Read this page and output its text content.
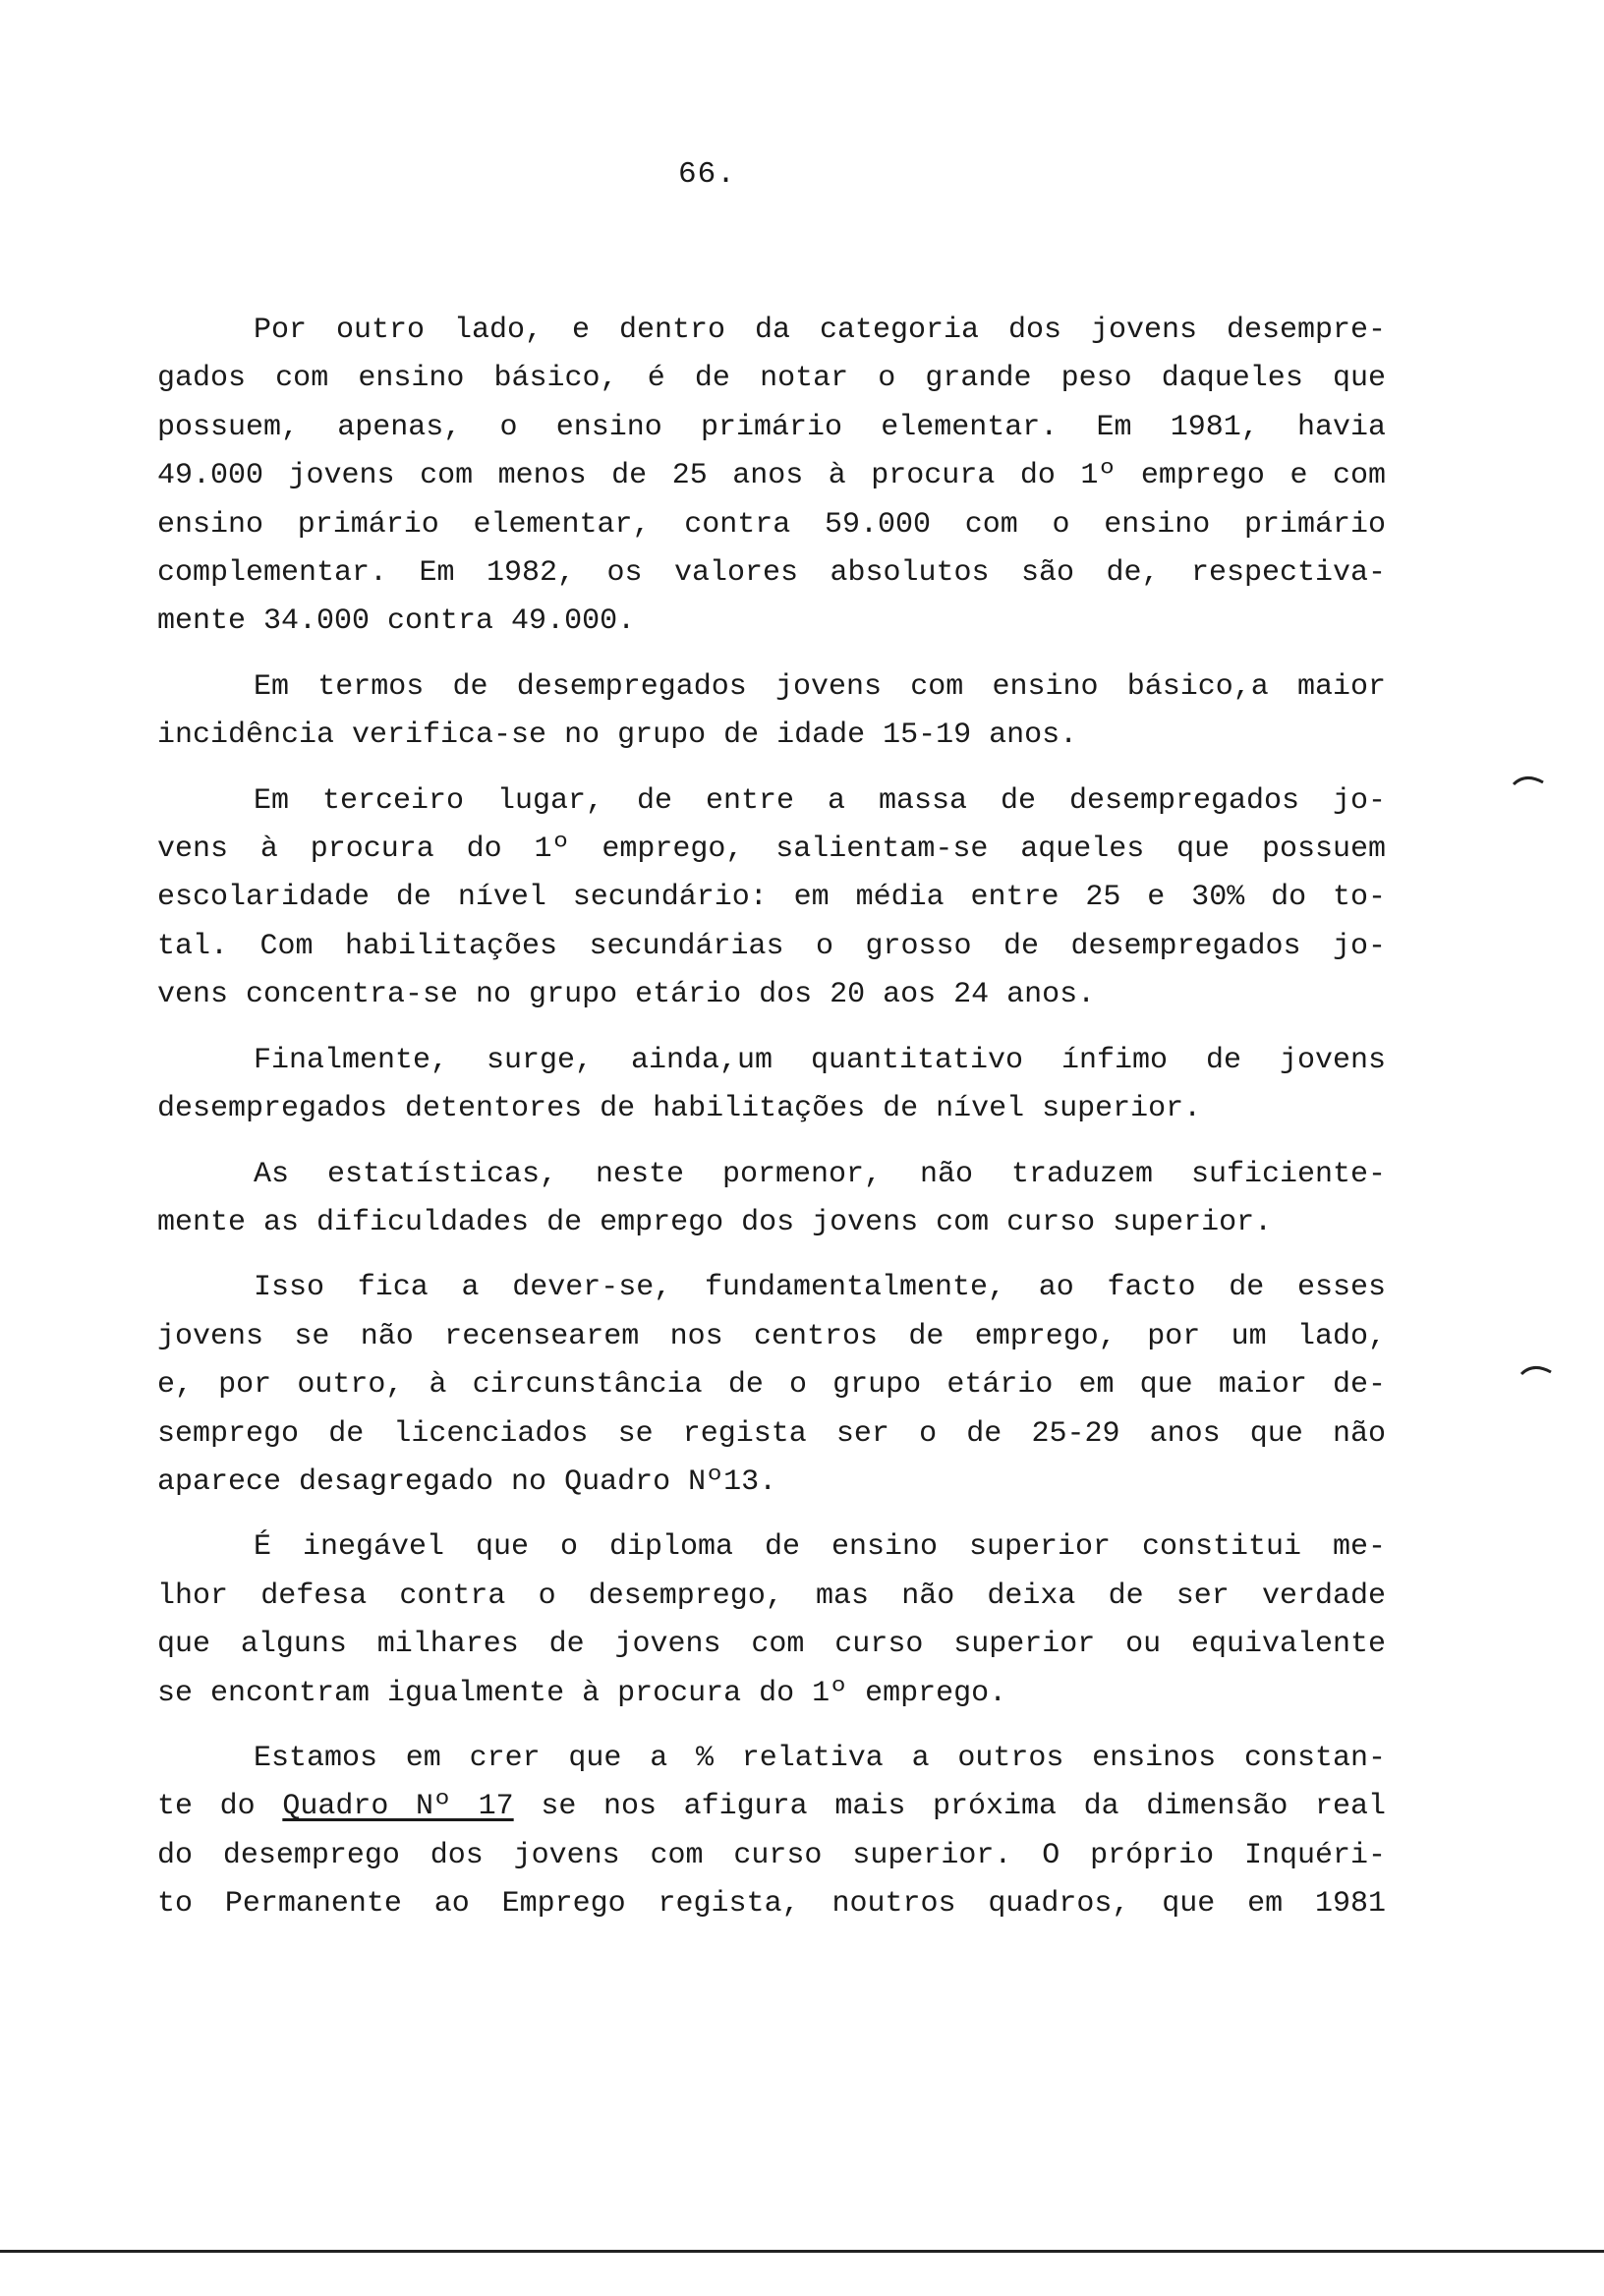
66.
Por outro lado, e dentro da categoria dos jovens desempre-
gados com ensino básico, é de notar o grande peso daqueles que
possuem, apenas, o ensino primário elementar. Em 1981, havia
49.000 jovens com menos de 25 anos à procura do 1º emprego e com
ensino primário elementar, contra 59.000 com o ensino primário
complementar. Em 1982, os valores absolutos são de, respectiva-
mente 34.000 contra 49.000.
Em termos de desempregados jovens com ensino básico,a maior
incidência verifica-se no grupo de idade 15-19 anos.
Em terceiro lugar, de entre a massa de desempregados jo-
vens à procura do 1º emprego, salientam-se aqueles que possuem
escolaridade de nível secundário: em média entre 25 e 30% do to-
tal. Com habilitações secundárias o grosso de desempregados jo-
vens concentra-se no grupo etário dos 20 aos 24 anos.
Finalmente, surge, ainda,um quantitativo ínfimo de jovens
desempregados detentores de habilitações de nível superior.
As estatísticas, neste pormenor, não traduzem suficiente-
mente as dificuldades de emprego dos jovens com curso superior.
Isso fica a dever-se, fundamentalmente, ao facto de esses
jovens se não recensearem nos centros de emprego, por um lado,
e, por outro, à circunstância de o grupo etário em que maior de-
semprego de licenciados se regista ser o de 25-29 anos que não
aparece desagregado no Quadro Nº13.
É inegável que o diploma de ensino superior constitui me-
lhor defesa contra o desemprego, mas não deixa de ser verdade
que alguns milhares de jovens com curso superior ou equivalente
se encontram igualmente à procura do 1º emprego.
Estamos em crer que a % relativa a outros ensinos constan-
te do Quadro Nº 17 se nos afigura mais próxima da dimensão real
do desemprego dos jovens com curso superior. O próprio Inquéri-
to Permanente ao Emprego regista, noutros quadros, que em 1981
